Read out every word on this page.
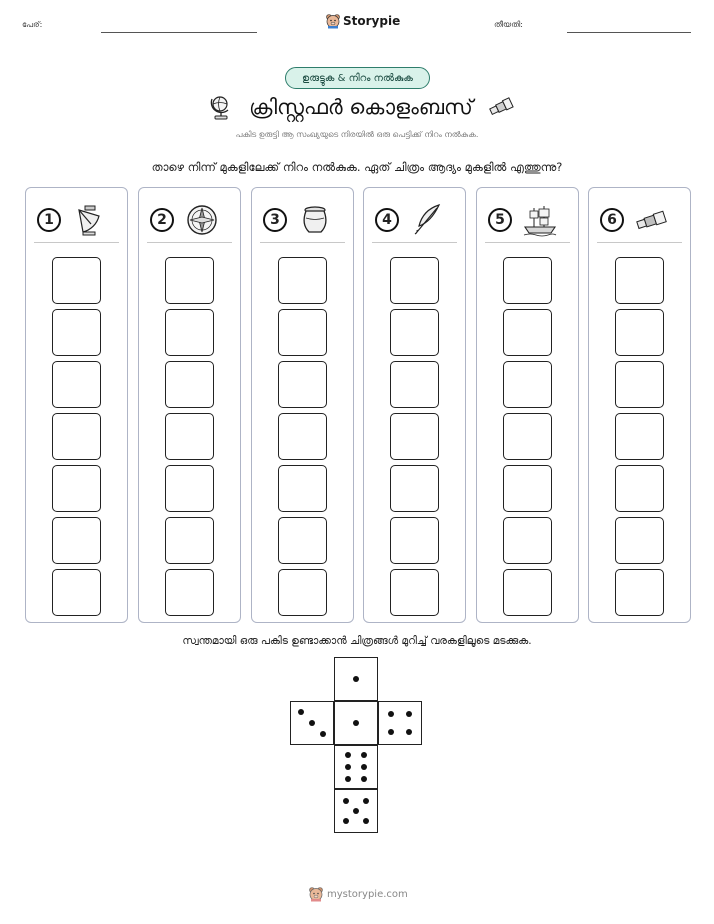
പേര്:	Storypie	തീയതി:
ഉരുട്ടുക & നിറം നൽകുക
ക്രിസ്റ്റഫർ കൊളംബസ്
പകിട ഉരുട്ടി ആ സംഖ്യയുടെ നിരയിൽ ഒരു പെട്ടിക്ക് നിറം നൽകുക.
താഴെ നിന്ന് മുകളിലേക്ക് നിറം നൽകുക. ഏത് ചിത്രം ആദ്യം മുകളിൽ എത്തുന്നു?
1	2	3	4	5	6
സ്വന്തമായി ഒരു പകിട ഉണ്ടാക്കാൻ ചിത്രങ്ങൾ മുറിച്ച് വരകളിലൂടെ മടക്കുക.
mystorypie.com
